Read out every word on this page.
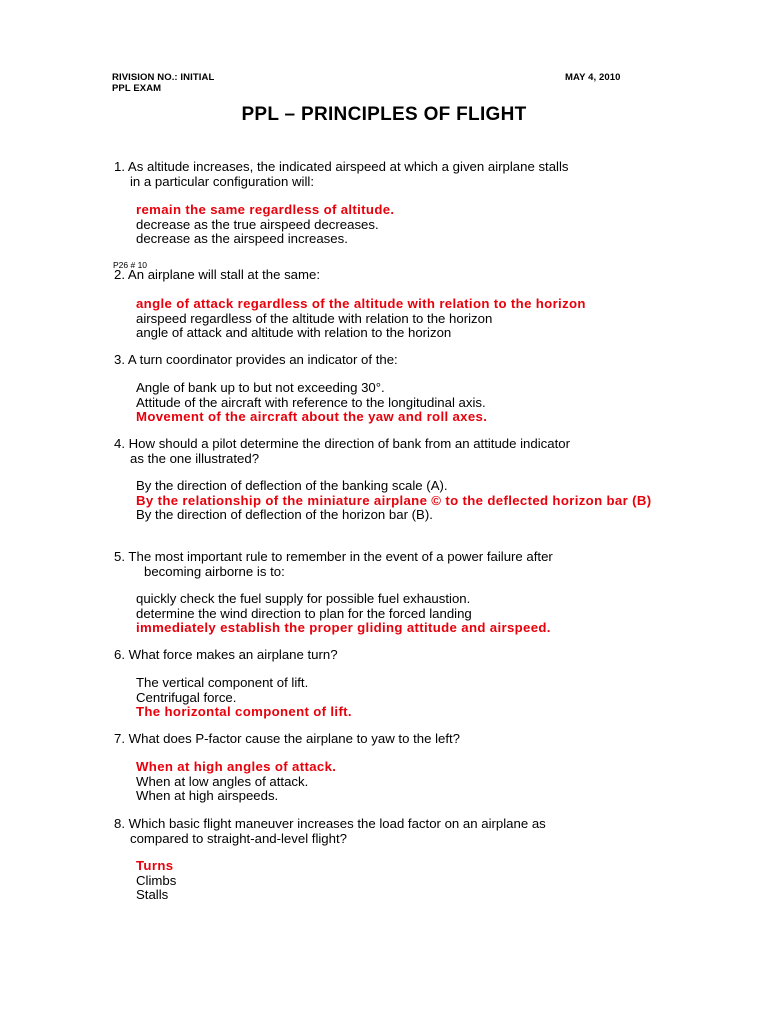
RIVISION NO.: INITIAL
PPL EXAM
MAY 4, 2010
PPL – PRINCIPLES OF FLIGHT
1. As altitude increases, the indicated airspeed at which a given airplane stalls
in a particular configuration will:
remain the same regardless of altitude.
decrease as the true airspeed decreases.
decrease as the airspeed increases.
P26 # 10
2. An airplane will stall at the same:
angle of attack regardless of the altitude with relation to the horizon
airspeed regardless of the altitude with relation to the horizon
angle of attack and altitude with relation to the horizon
3. A turn coordinator provides an indicator of the:
Angle of bank up to but not exceeding 30°.
Attitude of the aircraft with reference to the longitudinal axis.
Movement of the aircraft about the yaw and roll axes.
4. How should a pilot determine the direction of bank from an attitude indicator
as the one illustrated?
By the direction of deflection of the banking scale (A).
By the relationship of the miniature airplane © to the deflected horizon bar (B)
By the direction of deflection of the horizon bar (B).
5. The most important rule to remember in the event of a power failure after
becoming airborne is to:
quickly check the fuel supply for possible fuel exhaustion.
determine the wind direction to plan for the forced landing
immediately establish the proper gliding attitude and airspeed.
6. What force makes an airplane turn?
The vertical component of lift.
Centrifugal force.
The horizontal component of lift.
7. What does P-factor cause the airplane to yaw to the left?
When at high angles of attack.
When at low angles of attack.
When at high airspeeds.
8. Which basic flight maneuver increases the load factor on an airplane as
compared to straight-and-level flight?
Turns
Climbs
Stalls
